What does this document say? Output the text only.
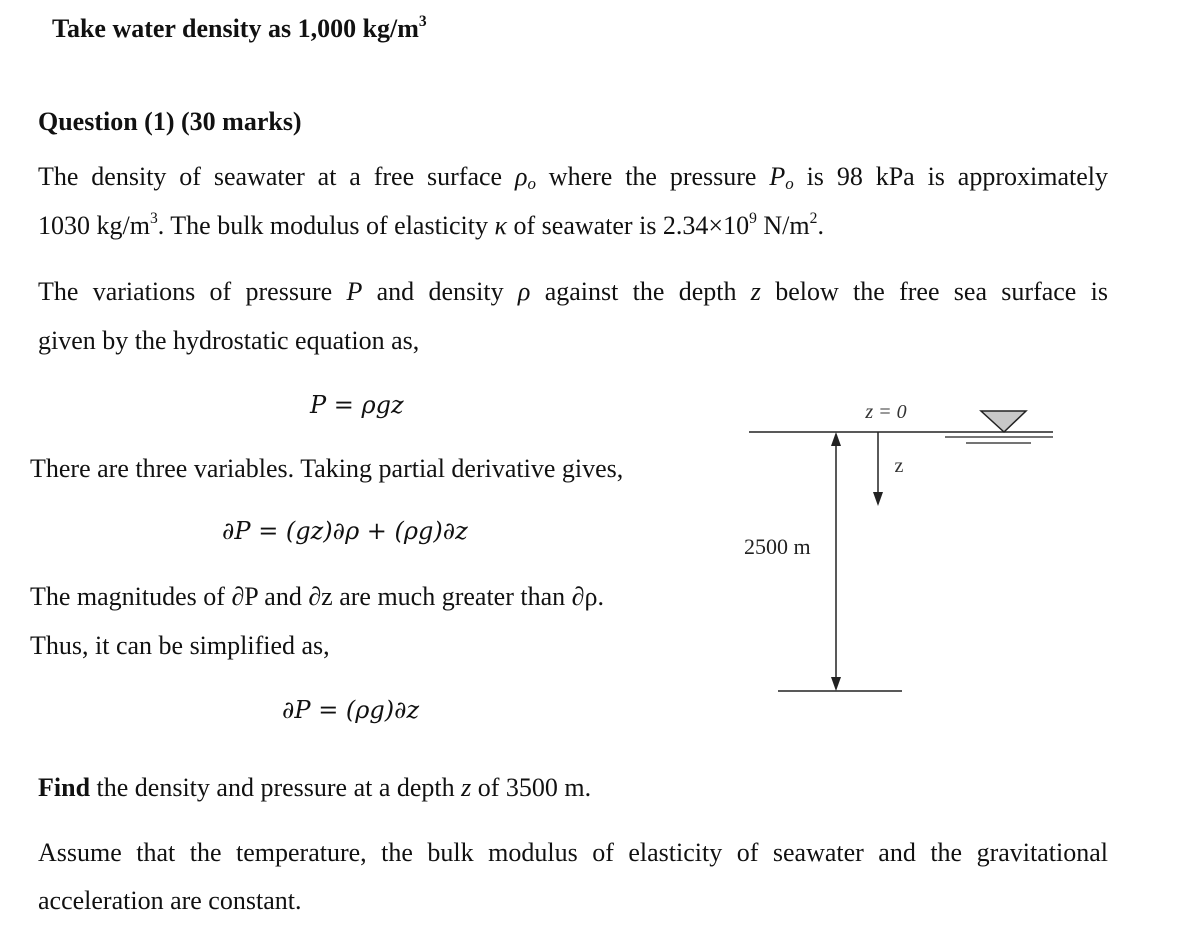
Take water density as 1,000 $kg/m^3$
Question (1) (30 marks)
The density of seawater at a free surface $\rho_o$ where the pressure $P_o$ is 98 kPa is approximately
1030 $kg/m^3$. The bulk modulus of elasticity κ of seawater is $2.34\times 10^9$ $N/m^2$.
The variations of pressure P and density ρ against the depth z below the free sea surface is
given by the hydrostatic equation as,
P = ρgz
There are three variables. Taking partial derivative gives,
∂P = (gz)∂ρ + (ρg)∂z
The magnitudes of ∂P and ∂z are much greater than ∂ρ.
Thus, it can be simplified as,
∂P = (ρg)∂z
Find the density and pressure at a depth z of 3500 m.
Assume that the temperature, the bulk modulus of elasticity of seawater and the gravitational
acceleration are constant.
z = 0
z
2500 m
